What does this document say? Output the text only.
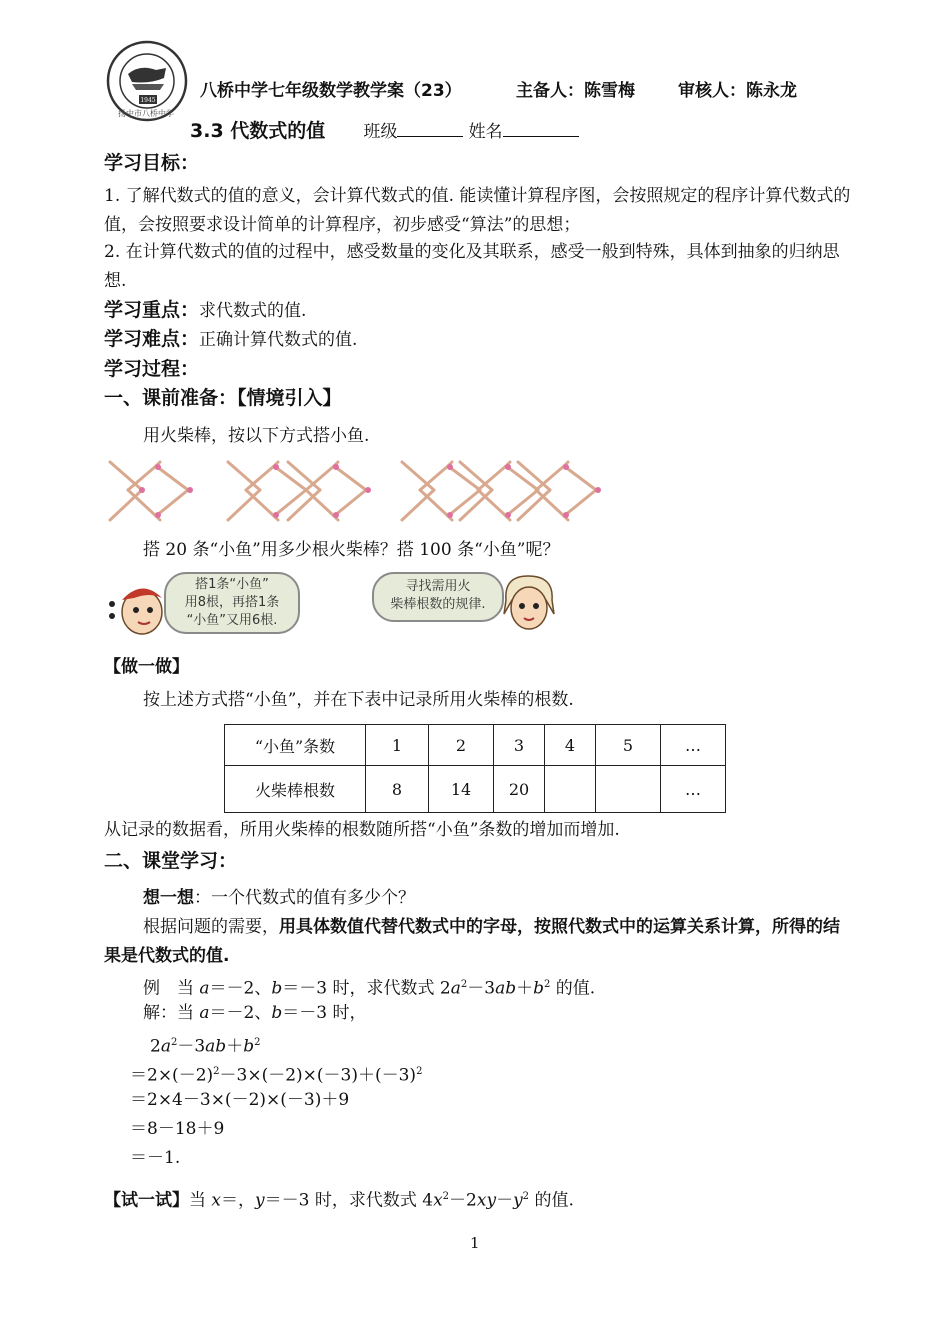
1945
扬中市八桥中学
八桥中学七年级数学教学案（23）	主备人：陈雪梅	审核人：陈永龙
3.3 代数式的值 班级	姓名
学习目标：
1. 了解代数式的值的意义，会计算代数式的值. 能读懂计算程序图，会按照规定的程序计算代数式的值，会按照要求设计简单的计算程序，初步感受“算法”的思想；
2. 在计算代数式的值的过程中，感受数量的变化及其联系，感受一般到特殊，具体到抽象的归纳思想.
学习重点：求代数式的值.
学习难点：正确计算代数式的值.
学习过程：
一、课前准备：【情境引入】
用火柴棒，按以下方式搭小鱼.
搭 20 条“小鱼”用多少根火柴棒？搭 100 条“小鱼”呢？
搭1条“小鱼”
用8根，再搭1条
“小鱼”又用6根.
寻找需用火
柴棒根数的规律.
【做一做】
按上述方式搭“小鱼”，并在下表中记录所用火柴棒的根数.
“小鱼”条数	1	2	3	4	5	…
火柴棒根数	8	14	20			…
从记录的数据看，所用火柴棒的根数随所搭“小鱼”条数的增加而增加.
二、课堂学习：
想一想：一个代数式的值有多少个？
根据问题的需要，用具体数值代替代数式中的字母，按照代数式中的运算关系计算，所得的结果是代数式的值.
例　当 a＝－2、b＝－3 时，求代数式 $2a^2-3ab+b^2$ 的值.
解：当 a＝－2、b＝－3 时，
$2a^2-3ab+b^2$
$=2\times(-2)^2-3\times(-2)\times(-3)+(-3)^2$
＝2×4－3×(－2)×(－3)＋9
＝8－18＋9
＝－1.
【试一试】当 x＝，y＝－3 时，求代数式 $4x^2-2xy-y^2$ 的值.
1
